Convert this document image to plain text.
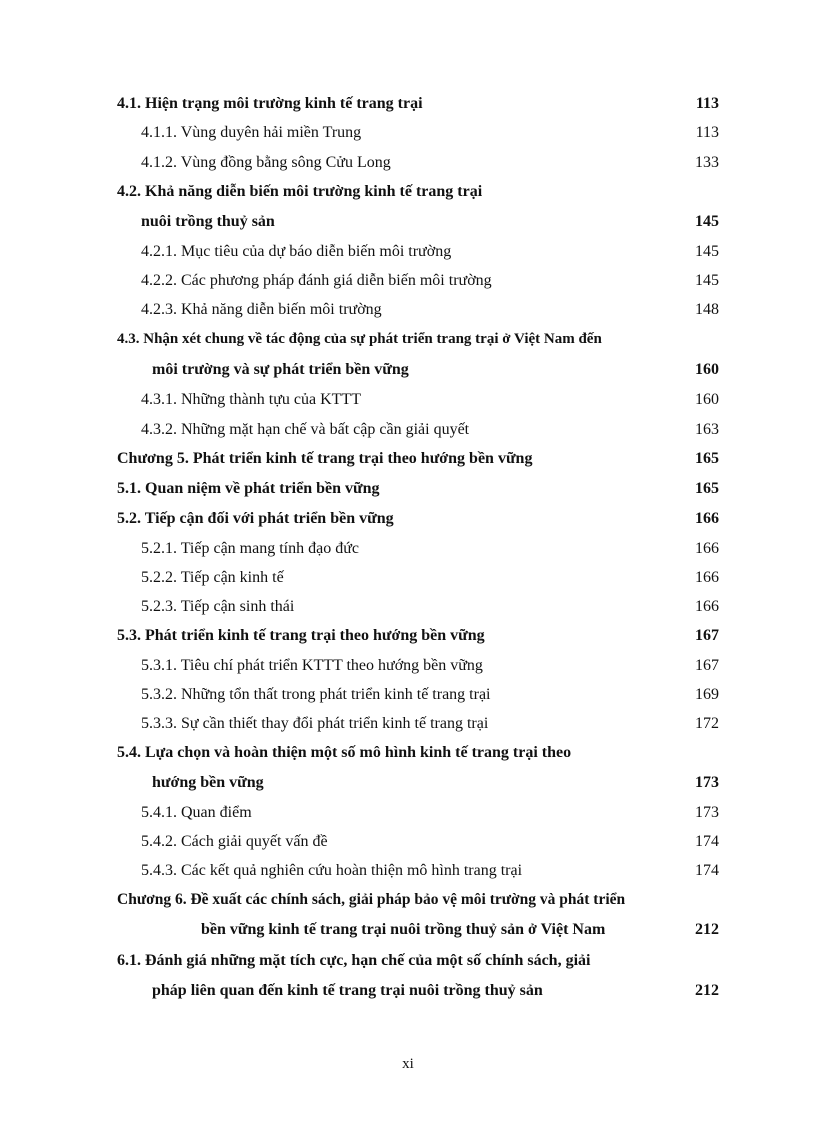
4.1. Hiện trạng môi trường kinh tế trang trại	113
4.1.1. Vùng duyên hải miền Trung	113
4.1.2. Vùng đồng bằng sông Cửu Long	133
4.2. Khả năng diễn biến môi trường kinh tế trang trại
nuôi trồng thuỷ sản	145
4.2.1. Mục tiêu của dự báo diễn biến môi trường	145
4.2.2. Các phương pháp đánh giá diễn biến môi trường	145
4.2.3. Khả năng diễn biến môi trường	148
4.3. Nhận xét chung về tác động của sự phát triển trang trại ở Việt Nam đến
môi trường và sự phát triển bền vững	160
4.3.1. Những thành tựu của KTTT	160
4.3.2. Những mặt hạn chế và bất cập cần giải quyết	163
Chương 5. Phát triển kinh tế trang trại theo hướng bền vững	165
5.1. Quan niệm về phát triển bền vững	165
5.2. Tiếp cận đối với phát triển bền vững	166
5.2.1. Tiếp cận mang tính đạo đức	166
5.2.2. Tiếp cận kinh tế	166
5.2.3. Tiếp cận sinh thái	166
5.3. Phát triển kinh tế trang trại theo hướng bền vững	167
5.3.1. Tiêu chí phát triển KTTT theo hướng bền vững	167
5.3.2. Những tổn thất trong phát triển kinh tế trang trại	169
5.3.3. Sự cần thiết thay đổi phát triển kinh tế trang trại	172
5.4. Lựa chọn và hoàn thiện một số mô hình kinh tế trang trại theo
hướng bền vững	173
5.4.1. Quan điểm	173
5.4.2. Cách giải quyết vấn đề	174
5.4.3. Các kết quả nghiên cứu hoàn thiện mô hình trang trại	174
Chương 6. Đề xuất các chính sách, giải pháp bảo vệ môi trường và phát triển
bền vững kinh tế trang trại nuôi trồng thuỷ sản ở Việt Nam	212
6.1. Đánh giá những mặt tích cực, hạn chế của một số chính sách, giải
pháp liên quan đến kinh tế trang trại nuôi trồng thuỷ sản	212
xi
